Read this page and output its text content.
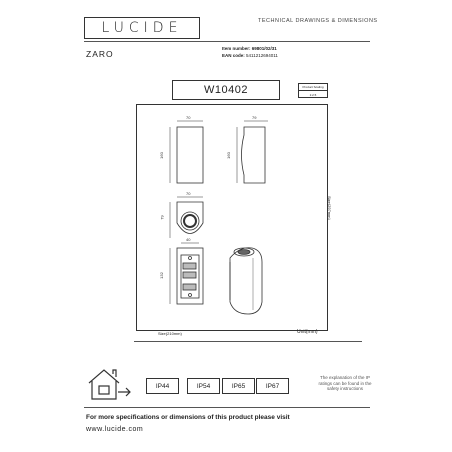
LUCIDE	TECHNICAL DRAWINGS & DIMENSIONS
ZARO
Item number: 69801/02/31
EAN code: 5411212694011
W10402	Product Scaling
1:2.5
70
160
79
160
70
79
40
132
Size(210mm)
Size(297mm)
Unit(mm)
IP44	IP54	IP65	IP67
The explanation of the IP ratings can be found in the safety instructions
For more specifications or dimensions of this product please visit
www.lucide.com
